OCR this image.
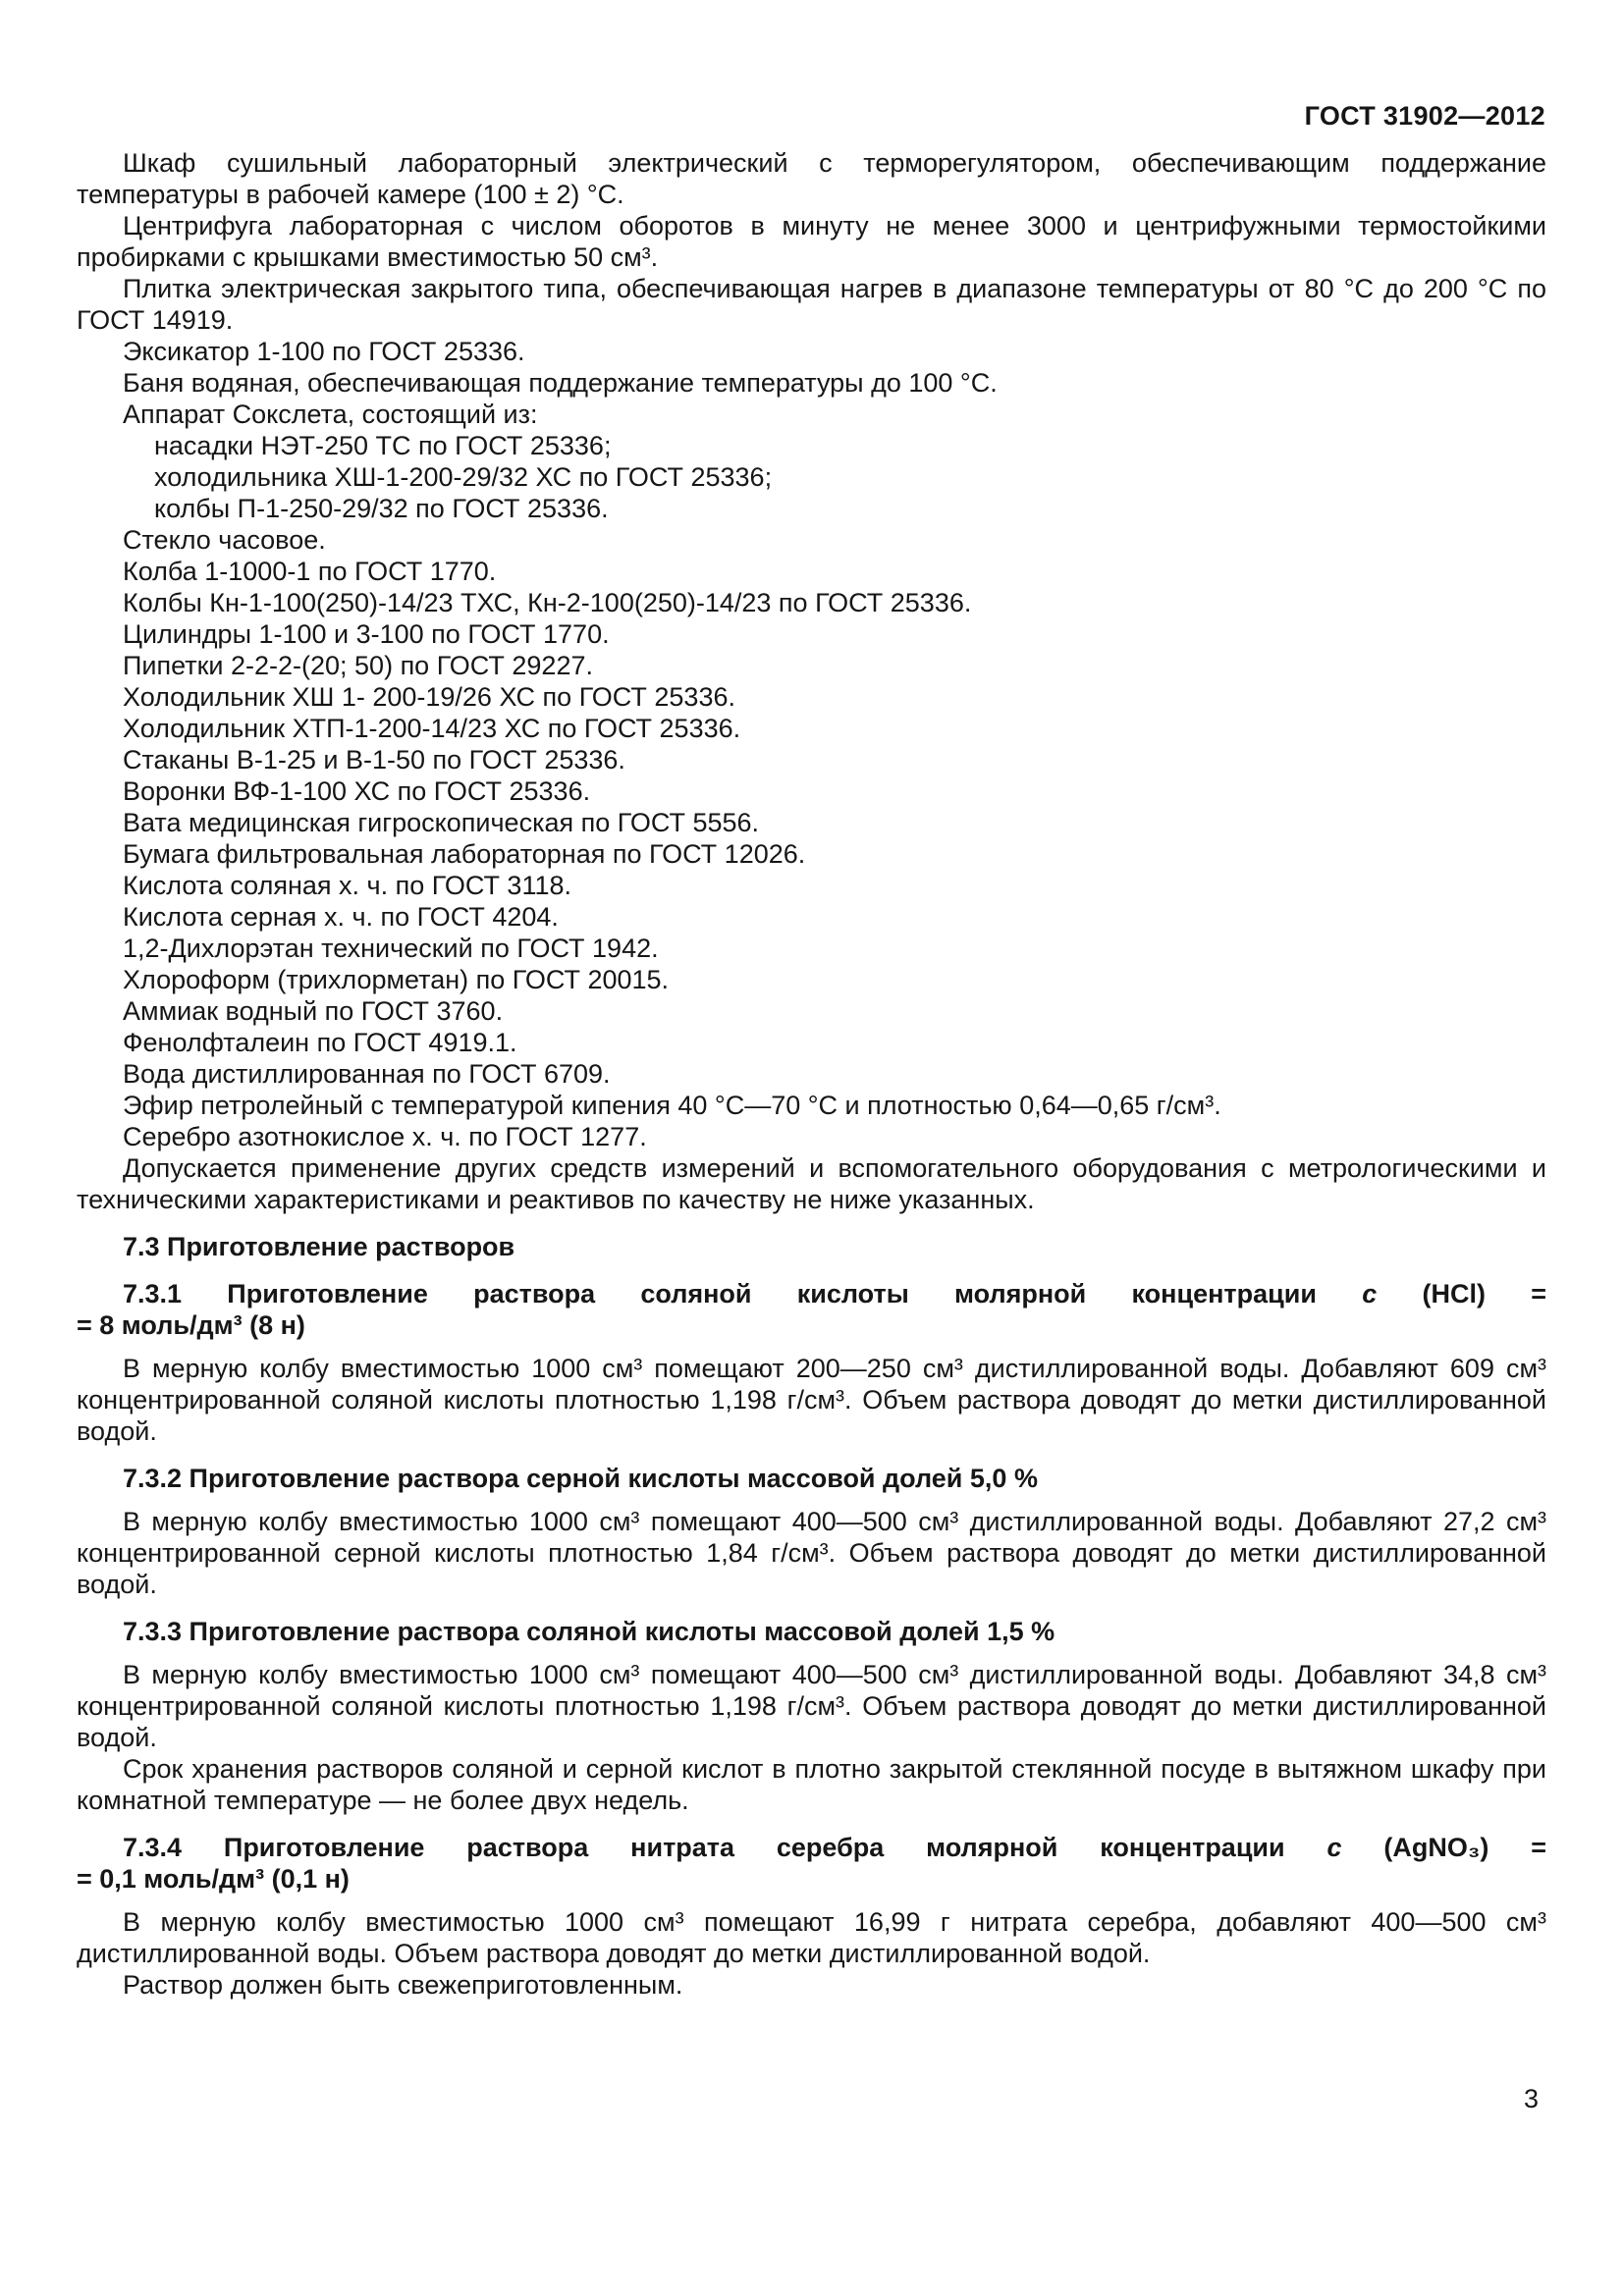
ГОСТ 31902—2012

Шкаф сушильный лабораторный электрический с терморегулятором, обеспечивающим поддержание температуры в рабочей камере (100 ± 2) °С.

Центрифуга лабораторная с числом оборотов в минуту не менее 3000 и центрифужными термостойкими пробирками с крышками вместимостью 50 см³.

Плитка электрическая закрытого типа, обеспечивающая нагрев в диапазоне температуры от 80 °С до 200 °С по ГОСТ 14919.

Эксикатор 1-100 по ГОСТ 25336.

Баня водяная, обеспечивающая поддержание температуры до 100 °С.

Аппарат Сокслета, состоящий из:

насадки НЭТ-250 ТС по ГОСТ 25336;

холодильника ХШ-1-200-29/32 ХС по ГОСТ 25336;

колбы П-1-250-29/32 по ГОСТ 25336.

Стекло часовое.

Колба 1-1000-1 по ГОСТ 1770.

Колбы Кн-1-100(250)-14/23 ТХС, Кн-2-100(250)-14/23 по ГОСТ 25336.

Цилиндры 1-100 и 3-100 по ГОСТ 1770.

Пипетки 2-2-2-(20; 50) по ГОСТ 29227.

Холодильник ХШ 1- 200-19/26 ХС по ГОСТ 25336.

Холодильник ХТП-1-200-14/23 ХС по ГОСТ 25336.

Стаканы В-1-25 и В-1-50 по ГОСТ 25336.

Воронки ВФ-1-100 ХС по ГОСТ 25336.

Вата медицинская гигроскопическая по ГОСТ 5556.

Бумага фильтровальная лабораторная по ГОСТ 12026.

Кислота соляная х. ч. по ГОСТ 3118.

Кислота серная х. ч. по ГОСТ 4204.

1,2-Дихлорэтан технический по ГОСТ 1942.

Хлороформ (трихлорметан) по ГОСТ 20015.

Аммиак водный по ГОСТ 3760.

Фенолфталеин по ГОСТ 4919.1.

Вода дистиллированная по ГОСТ 6709.

Эфир петролейный с температурой кипения 40 °С—70 °С и плотностью 0,64—0,65 г/см³.

Серебро азотнокислое х. ч. по ГОСТ 1277.

Допускается применение других средств измерений и вспомогательного оборудования с метрологическими и техническими характеристиками и реактивов по качеству не ниже указанных.

7.3 Приготовление растворов
7.3.1 Приготовление раствора соляной кислоты молярной концентрации с (HCl) =
= 8 моль/дм³ (8 н)

В мерную колбу вместимостью 1000 см³ помещают 200—250 см³ дистиллированной воды. Добавляют 609 см³ концентрированной соляной кислоты плотностью 1,198 г/см³. Объем раствора доводят до метки дистиллированной водой.

7.3.2 Приготовление раствора серной кислоты массовой долей 5,0 %

В мерную колбу вместимостью 1000 см³ помещают 400—500 см³ дистиллированной воды. Добавляют 27,2 см³ концентрированной серной кислоты плотностью 1,84 г/см³. Объем раствора доводят до метки дистиллированной водой.

7.3.3 Приготовление раствора соляной кислоты массовой долей 1,5 %

В мерную колбу вместимостью 1000 см³ помещают 400—500 см³ дистиллированной воды. Добавляют 34,8 см³ концентрированной соляной кислоты плотностью 1,198 г/см³. Объем раствора доводят до метки дистиллированной водой.

Срок хранения растворов соляной и серной кислот в плотно закрытой стеклянной посуде в вытяжном шкафу при комнатной температуре — не более двух недель.

7.3.4 Приготовление раствора нитрата серебра молярной концентрации с (AgNO₃) =
= 0,1 моль/дм³ (0,1 н)

В мерную колбу вместимостью 1000 см³ помещают 16,99 г нитрата серебра, добавляют 400—500 см³ дистиллированной воды. Объем раствора доводят до метки дистиллированной водой.

Раствор должен быть свежеприготовленным.

3
